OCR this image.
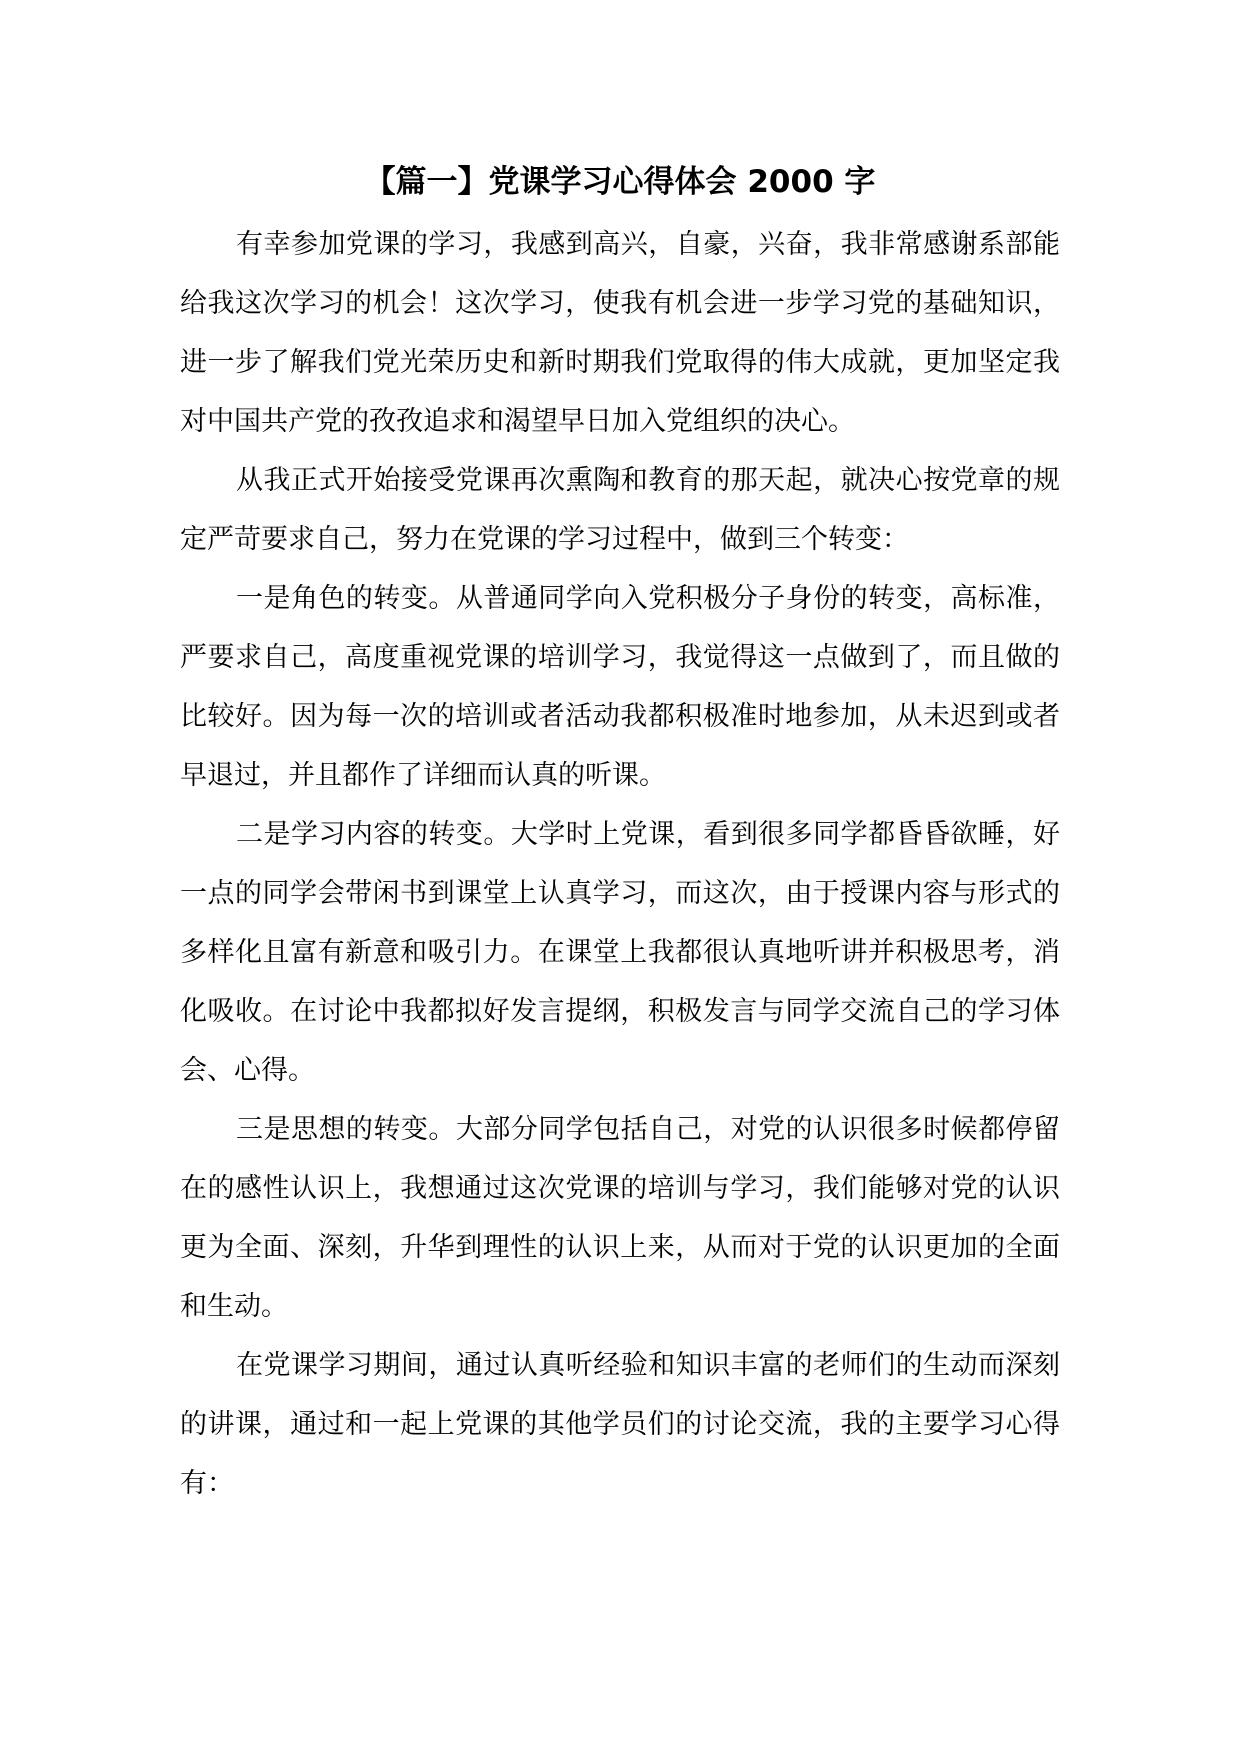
【篇一】党课学习心得体会 2000 字

有幸参加党课的学习，我感到高兴，自豪，兴奋，我非常感谢系部能给我这次学习的机会！这次学习，使我有机会进一步学习党的基础知识，进一步了解我们党光荣历史和新时期我们党取得的伟大成就，更加坚定我对中国共产党的孜孜追求和渴望早日加入党组织的决心。

从我正式开始接受党课再次熏陶和教育的那天起，就决心按党章的规定严苛要求自己，努力在党课的学习过程中，做到三个转变：

一是角色的转变。从普通同学向入党积极分子身份的转变，高标准，严要求自己，高度重视党课的培训学习，我觉得这一点做到了，而且做的比较好。因为每一次的培训或者活动我都积极准时地参加，从未迟到或者早退过，并且都作了详细而认真的听课。

二是学习内容的转变。大学时上党课，看到很多同学都昏昏欲睡，好一点的同学会带闲书到课堂上认真学习，而这次，由于授课内容与形式的多样化且富有新意和吸引力。在课堂上我都很认真地听讲并积极思考，消化吸收。在讨论中我都拟好发言提纲，积极发言与同学交流自己的学习体会、心得。

三是思想的转变。大部分同学包括自己，对党的认识很多时候都停留在的感性认识上，我想通过这次党课的培训与学习，我们能够对党的认识更为全面、深刻，升华到理性的认识上来，从而对于党的认识更加的全面和生动。

在党课学习期间，通过认真听经验和知识丰富的老师们的生动而深刻的讲课，通过和一起上党课的其他学员们的讨论交流，我的主要学习心得有：
